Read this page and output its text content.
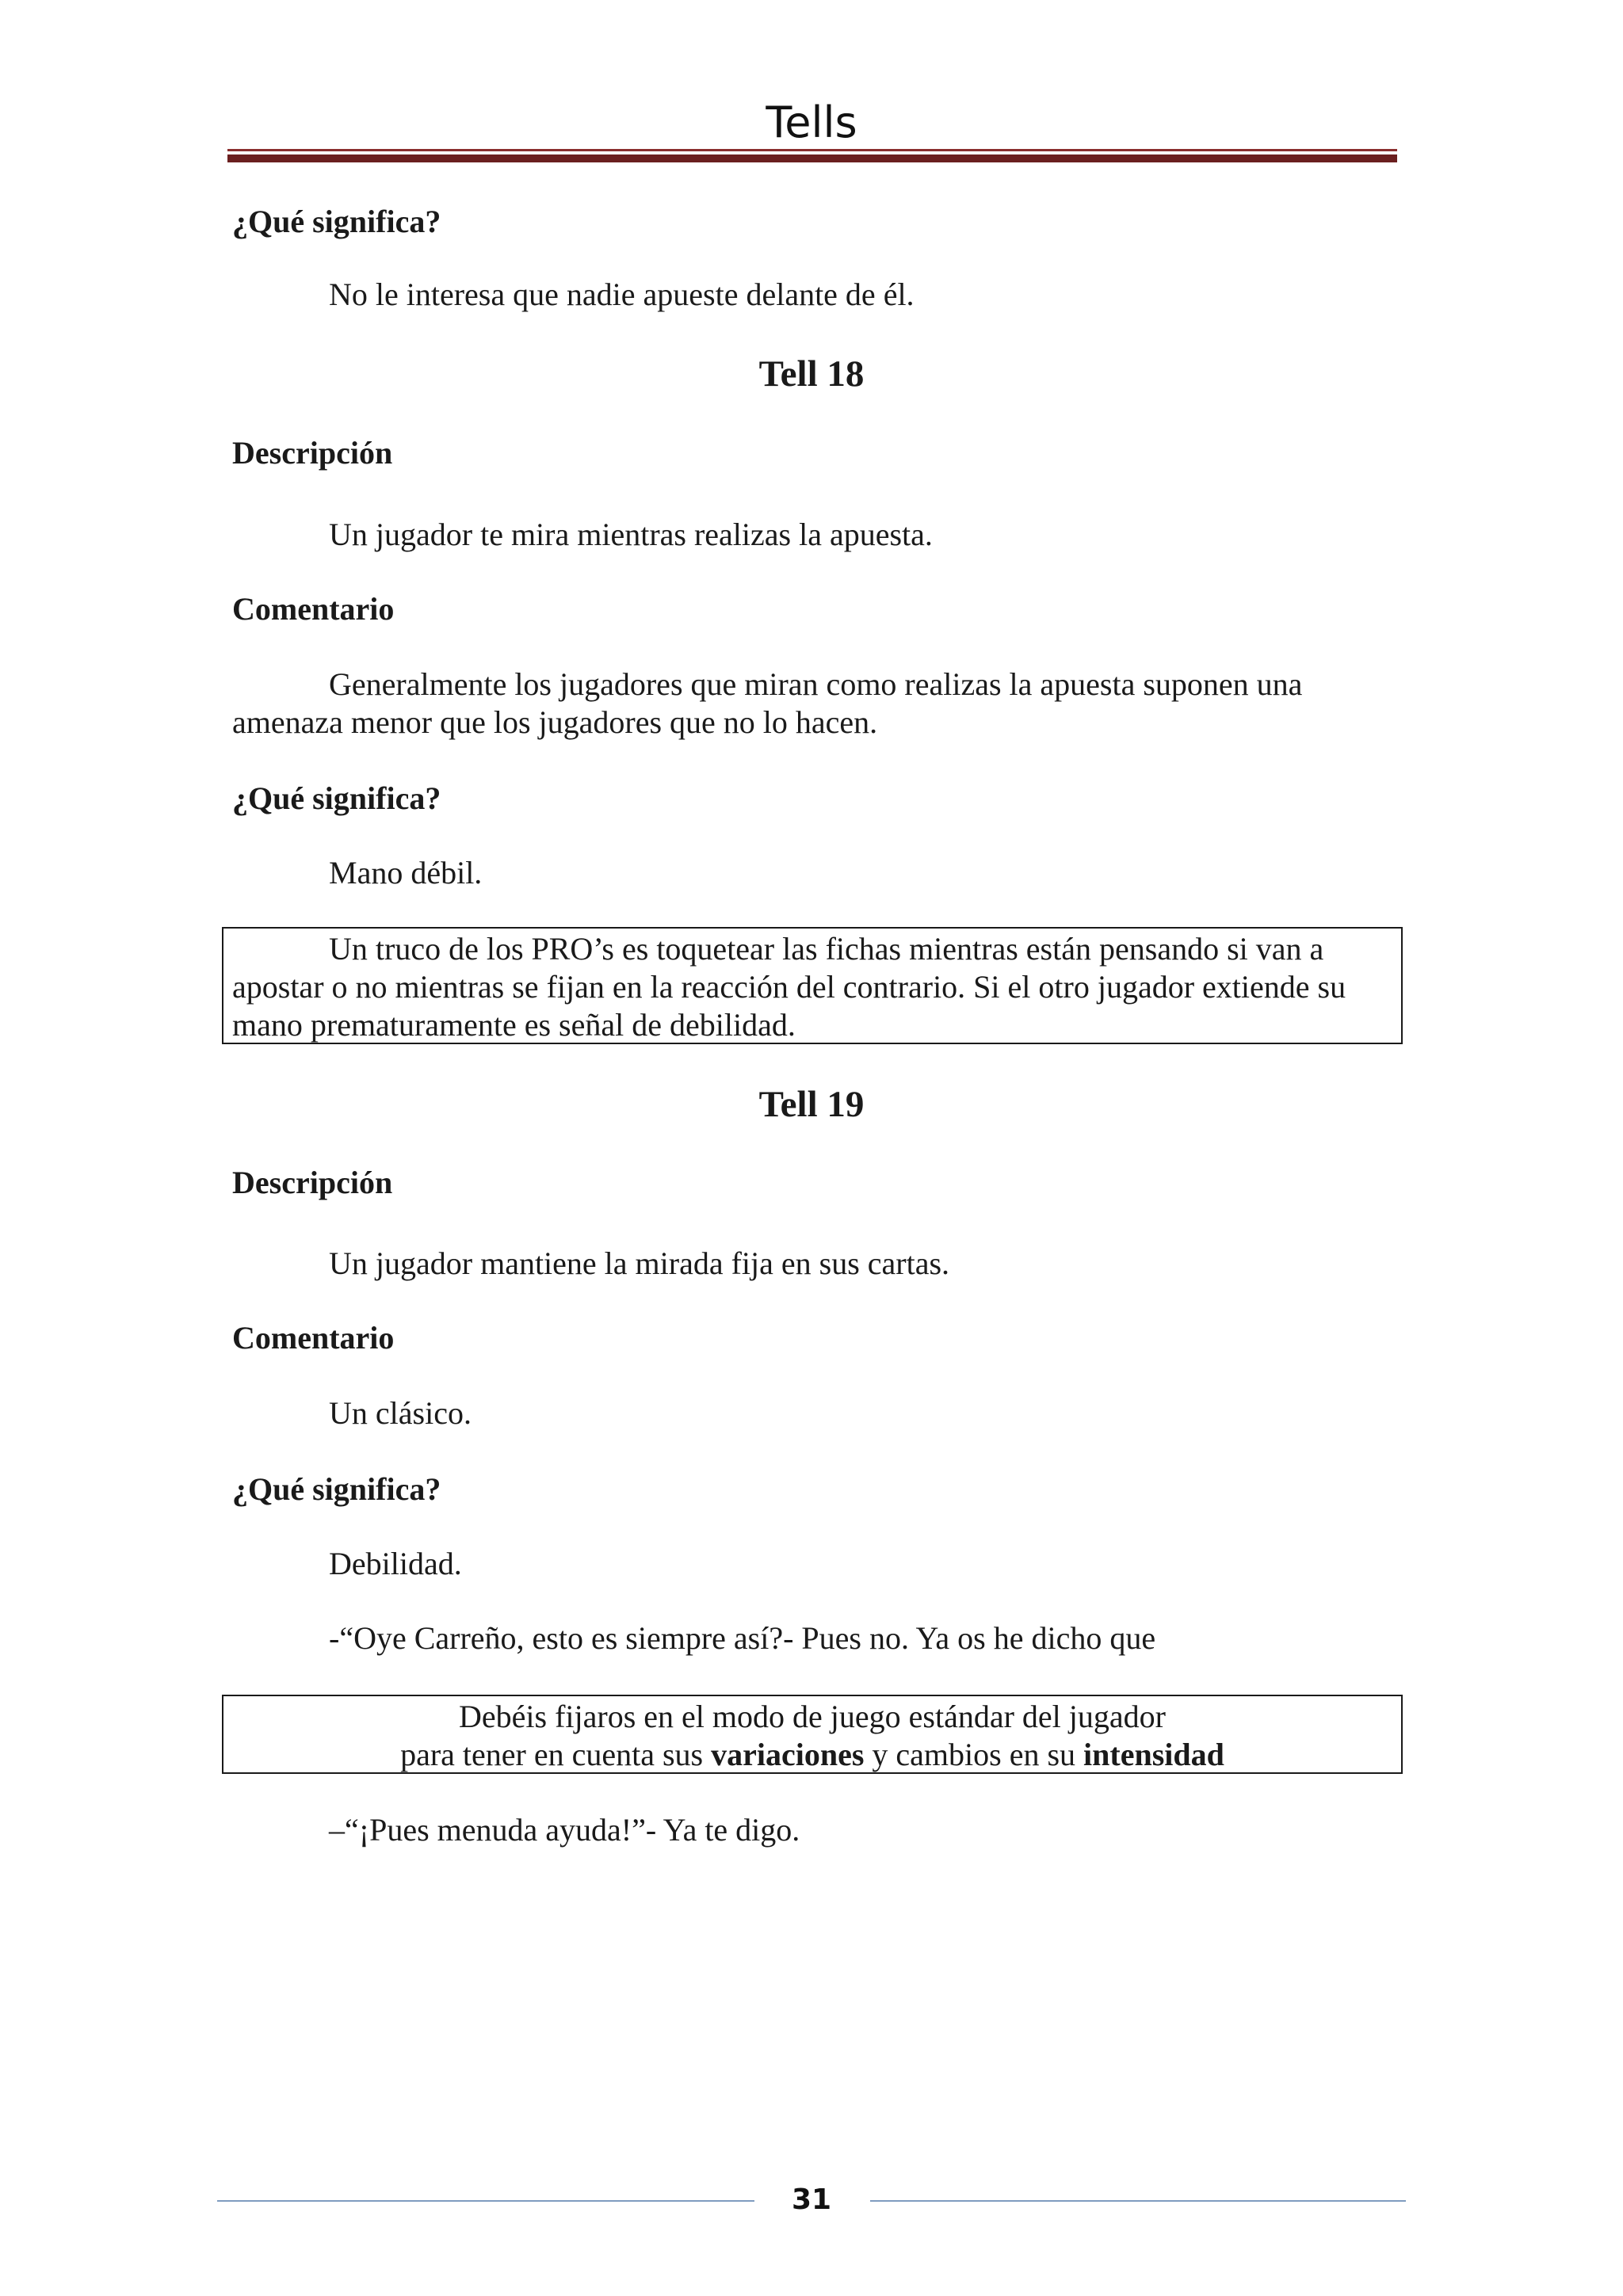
Tells
¿Qué significa?
No le interesa que nadie apueste delante de él.
Tell 18
Descripción
Un jugador te mira mientras realizas la apuesta.
Comentario
Generalmente los jugadores que miran como realizas la apuesta suponen una
amenaza menor que los jugadores que no lo hacen.
¿Qué significa?
Mano débil.
Un truco de los PRO’s es toquetear las fichas mientras están pensando si van a
apostar o no mientras se fijan en la reacción del contrario. Si el otro jugador extiende su
mano prematuramente es señal de debilidad.
Tell 19
Descripción
Un jugador mantiene la mirada fija en sus cartas.
Comentario
Un clásico.
¿Qué significa?
Debilidad.
-“Oye Carreño, esto es siempre así?- Pues no. Ya os he dicho que
Debéis fijaros en el modo de juego estándar del jugador
para tener en cuenta sus variaciones y cambios en su intensidad
–“¡Pues menuda ayuda!”- Ya te digo.
31
